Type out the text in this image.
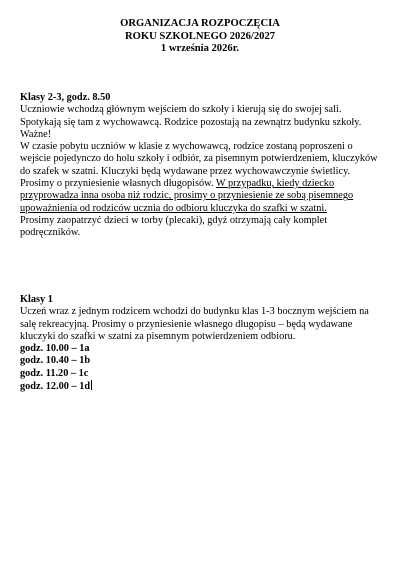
ORGANIZACJA ROZPOCZĘCIA
ROKU SZKOLNEGO 2026/2027
1 września 2026r.

Klasy 2-3, godz. 8.50

Uczniowie wchodzą głównym wejściem do szkoły i kierują się do swojej sali. Spotykają się tam z wychowawcą. Rodzice pozostają na zewnątrz budynku szkoły.

Ważne!

W czasie pobytu uczniów w klasie z wychowawcą, rodzice zostaną poproszeni o wejście pojedynczo do holu szkoły i odbiór, za pisemnym potwierdzeniem, kluczyków do szafek w szatni. Kluczyki będą wydawane przez wychowawczynie świetlicy. Prosimy o przyniesienie własnych długopisów. W przypadku, kiedy dziecko przyprowadza inna osoba niż rodzic, prosimy o przyniesienie ze sobą pisemnego upoważnienia od rodziców ucznia do odbioru kluczyka do szafki w szatni.

Prosimy zaopatrzyć dzieci w torby (plecaki), gdyż otrzymają cały komplet podręczników.

Klasy 1

Uczeń wraz z jednym rodzicem wchodzi do budynku klas 1-3 bocznym wejściem na salę rekreacyjną. Prosimy o przyniesienie własnego długopisu – będą wydawane kluczyki do szafki w szatni za pisemnym potwierdzeniem odbioru.

godz. 10.00 – 1a
godz. 10.40 – 1b
godz. 11.20 – 1c
godz. 12.00 – 1d
